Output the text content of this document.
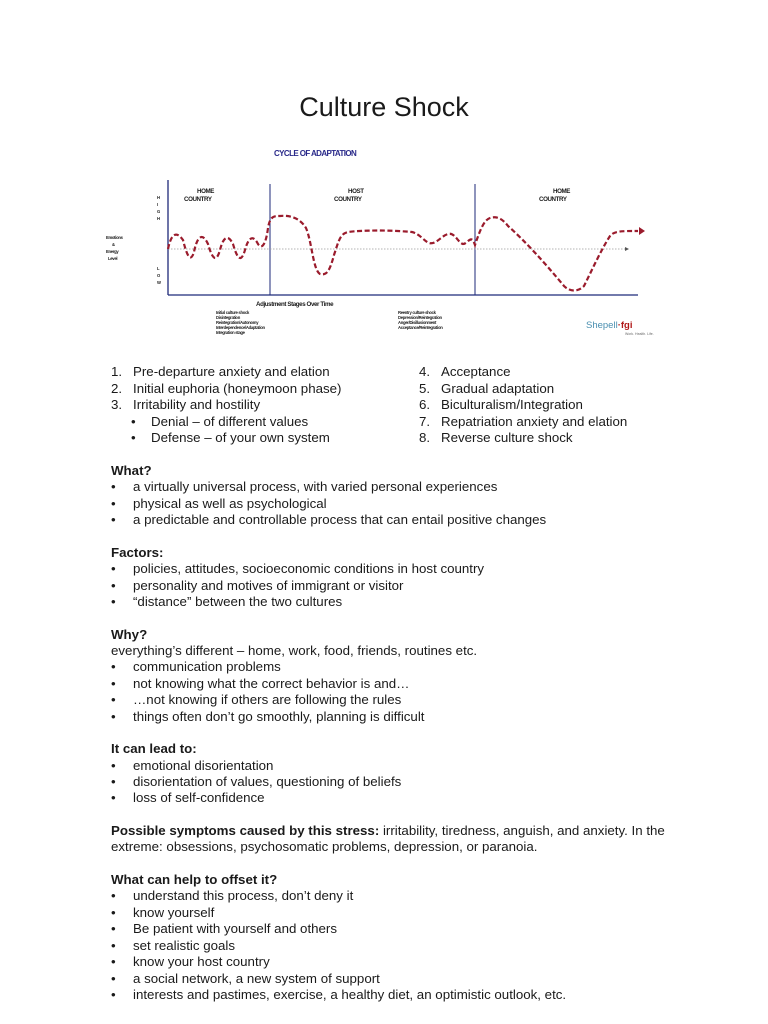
Culture Shock
CYCLE OF ADAPTATION
H
I
G
H
L
O
W
Emotions
&
Energy
Level
HOME
COUNTRY
HOST
COUNTRY
HOME
COUNTRY
Adjustment Stages Over Time
Initial culture shock
Disintegration
Reintegration/Autonomy
Interdependence/Adaptation
Integration stage
Reentry culture shock
Depression/Reintegration
Anger/Disillusionment
Acceptance/Reintegration	Shepell·fgi
Work. Health. Life.
1. Pre-departure anxiety and elation
2. Initial euphoria (honeymoon phase)
3. Irritability and hostility
•	Denial – of different values
•	Defense – of your own system
4. Acceptance
5. Gradual adaptation
6. Biculturalism/Integration
7. Repatriation anxiety and elation
8. Reverse culture shock
What?
•	a virtually universal process, with varied personal experiences
•	physical as well as psychological
•	a predictable and controllable process that can entail positive changes
Factors:
•	policies, attitudes, socioeconomic conditions in host country
•	personality and motives of immigrant or visitor
•	“distance” between the two cultures
Why?

everything’s different – home, work, food, friends, routines etc.

•	communication problems
•	not knowing what the correct behavior is and…
•	…not knowing if others are following the rules
•	things often don’t go smoothly, planning is difficult
It can lead to:
•	emotional disorientation
•	disorientation of values, questioning of beliefs
•	loss of self-confidence

Possible symptoms caused by this stress: irritability, tiredness, anguish, and anxiety. In the extreme: obsessions, psychosomatic problems, depression, or paranoia.

What can help to offset it?
•	understand this process, don’t deny it
•	know yourself
•	Be patient with yourself and others
•	set realistic goals
•	know your host country
•	a social network, a new system of support
•	interests and pastimes, exercise, a healthy diet, an optimistic outlook, etc.
